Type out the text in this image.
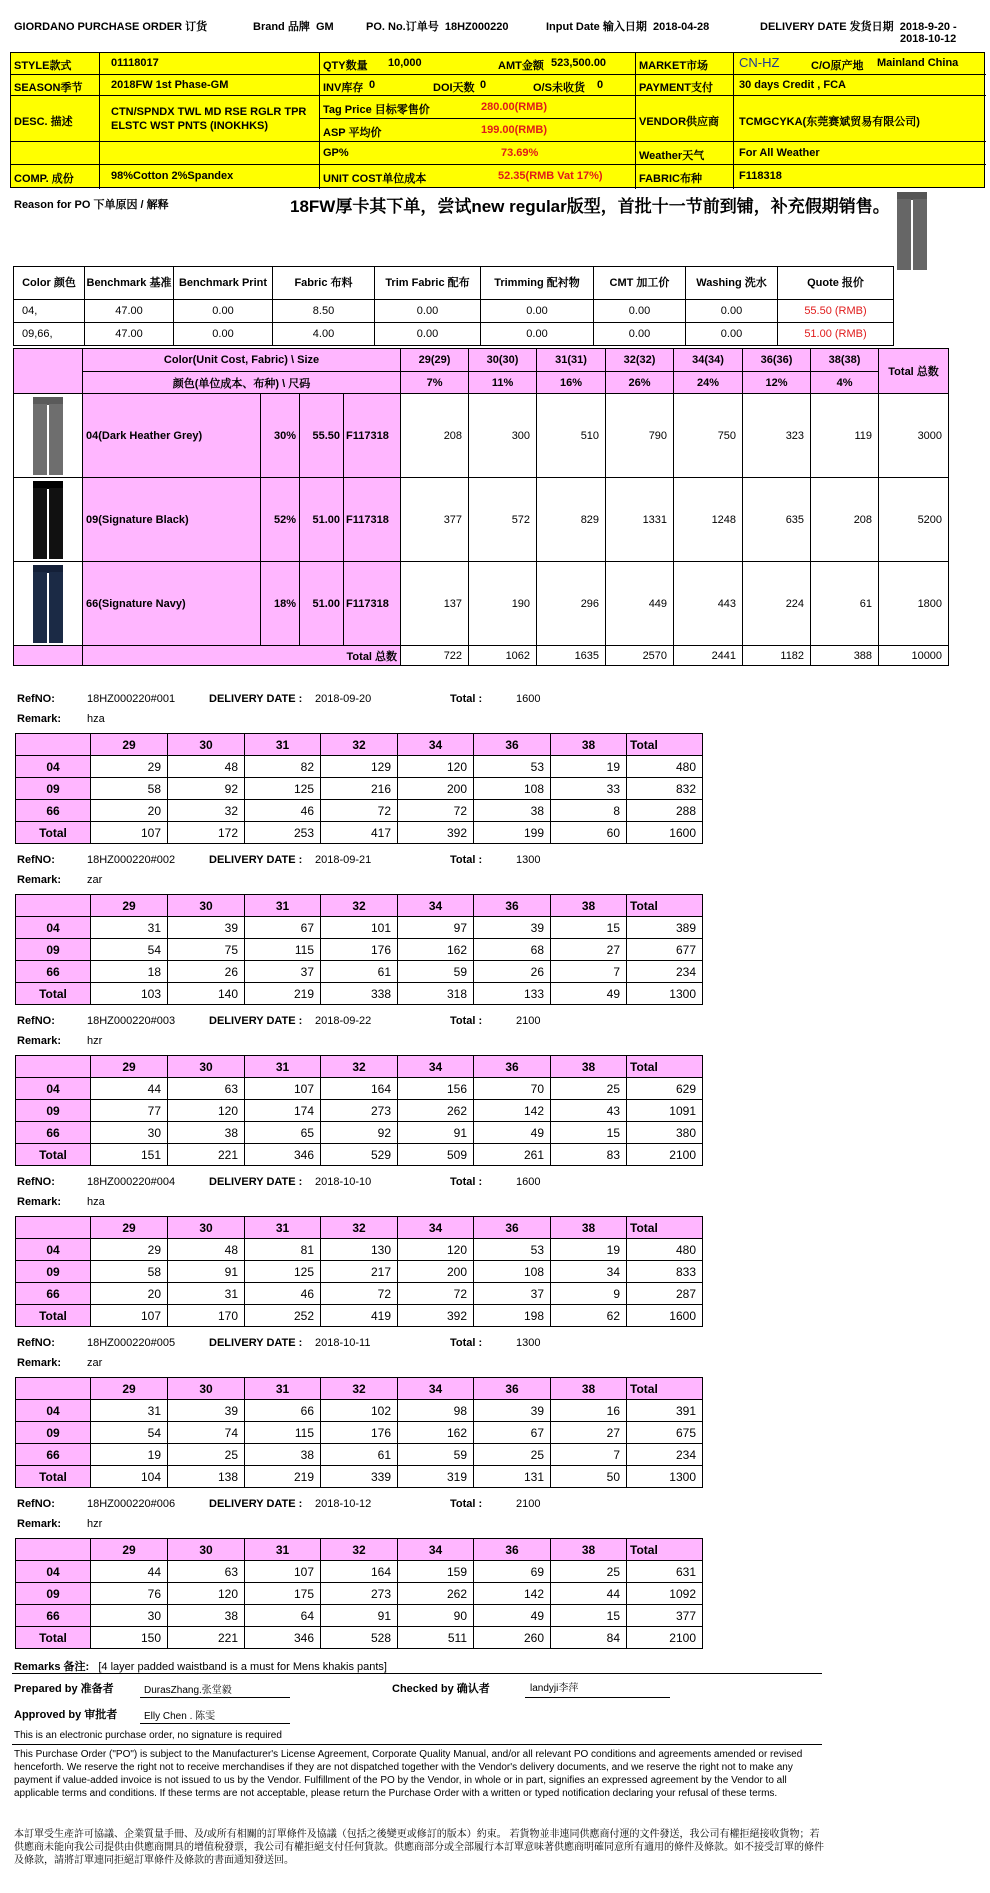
GIORDANO PURCHASE ORDER 订货	Brand 品牌 GM	PO. No.订单号 18HZ000220	Input Date 输入日期 2018-04-28	DELIVERY DATE 发货日期 2018-9-20 -
2018-10-12
STYLE款式	01118017
SEASON季节	2018FW 1st Phase-GM
DESC. 描述
CTN/SPNDX TWL MD RSE RGLR TPR
ELSTC WST PNTS (INOKHKS)
COMP. 成份	98%Cotton 2%Spandex
QTY数量 10,000	AMT金额 523,500.00
INV库存 0	DOI天数 0	O/S未收货 0
Tag Price 目标零售价	280.00(RMB)
ASP 平均价	199.00(RMB)
GP%	73.69%
UNIT COST单位成本	52.35(RMB Vat 17%)
MARKET市场 CN-HZ	C/O原产地 Mainland China
PAYMENT支付 30 days Credit , FCA
VENDOR供应商 TCMGCYKA(东莞赛斌贸易有限公司)
Weather天气	For All Weather
FABRIC布种	F118318
Reason for PO 下单原因 / 解释	18FW厚卡其下单，尝试new regular版型，首批十一节前到铺，补充假期销售。
Color 颜色	Benchmark 基准	Benchmark Print	Fabric 布料	Trim Fabric 配布	Trimming 配衬物	CMT 加工价	Washing 洗水	Quote 报价
04,	47.00	0.00	8.50	0.00	0.00	0.00	0.00	55.50 (RMB)
09,66,	47.00	0.00	4.00	0.00	0.00	0.00	0.00	51.00 (RMB)
	Color(Unit Cost, Fabric) \ Size				29(29)	30(30)	31(31)	32(32)	34(34)	36(36)	38(38)	Total 总数
	颜色(单位成本、布种) \ 尺码				7%	11%	16%	26%	24%	12%	4%	

	04(Dark Heather Grey)	30%	55.50	F117318	208	300	510	790	750	323	119	3000

	09(Signature Black)	52%	51.00	F117318	377	572	829	1331	1248	635	208	5200

	66(Signature Navy)	18%	51.00	F117318	137	190	296	449	443	224	61	1800
	Total 总数				722	1062	1635	2570	2441	1182	388	10000
RefNO:	18HZ000220#001	DELIVERY DATE : 2018-09-20	Total :	1600
Remark: hza
	29	30	31	32	34	36	38	Total
04	29	48	82	129	120	53	19	480
09	58	92	125	216	200	108	33	832
66	20	32	46	72	72	38	8	288
Total	107	172	253	417	392	199	60	1600
RefNO:	18HZ000220#002	DELIVERY DATE : 2018-09-21	Total :	1300
Remark: zar
	29	30	31	32	34	36	38	Total
04	31	39	67	101	97	39	15	389
09	54	75	115	176	162	68	27	677
66	18	26	37	61	59	26	7	234
Total	103	140	219	338	318	133	49	1300
RefNO:	18HZ000220#003	DELIVERY DATE : 2018-09-22	Total :	2100
Remark: hzr
	29	30	31	32	34	36	38	Total
04	44	63	107	164	156	70	25	629
09	77	120	174	273	262	142	43	1091
66	30	38	65	92	91	49	15	380
Total	151	221	346	529	509	261	83	2100
RefNO:	18HZ000220#004	DELIVERY DATE : 2018-10-10	Total :	1600
Remark: hza
	29	30	31	32	34	36	38	Total
04	29	48	81	130	120	53	19	480
09	58	91	125	217	200	108	34	833
66	20	31	46	72	72	37	9	287
Total	107	170	252	419	392	198	62	1600
RefNO:	18HZ000220#005	DELIVERY DATE : 2018-10-11	Total :	1300
Remark: zar
	29	30	31	32	34	36	38	Total
04	31	39	66	102	98	39	16	391
09	54	74	115	176	162	67	27	675
66	19	25	38	61	59	25	7	234
Total	104	138	219	339	319	131	50	1300
RefNO:	18HZ000220#006	DELIVERY DATE : 2018-10-12	Total :	2100
Remark: hzr
	29	30	31	32	34	36	38	Total
04	44	63	107	164	159	69	25	631
09	76	120	175	273	262	142	44	1092
66	30	38	64	91	90	49	15	377
Total	150	221	346	528	511	260	84	2100
Remarks 备注: [4 layer padded waistband is a must for Mens khakis pants]
Prepared by 准备者	DurasZhang.张堂毅	Checked by 确认者	landyji李萍
Approved by 审批者	Elly Chen . 陈雯
This is an electronic purchase order, no signature is required
This Purchase Order ("PO") is subject to the Manufacturer's License Agreement, Corporate Quality Manual, and/or all relevant PO conditions and agreements amended or revised henceforth. We reserve the right not to receive merchandises if they are not dispatched together with the Vendor's delivery documents, and we reserve the right not to make any payment if value-added invoice is not issued to us by the Vendor. Fulfillment of the PO by the Vendor, in whole or in part, signifies an expressed agreement by the Vendor to all applicable terms and conditions. If these terms are not acceptable, please return the Purchase Order with a written or typed notification declaring your refusal of these terms.
本訂單受生產許可協議、企業質量手冊、及/或所有相關的訂單條件及協議（包括之後變更或修訂的版本）約束。 若貨物並非連同供應商付運的文件發送，我公司有權拒絕接收貨物；若供應商未能向我公司提供由供應商開具的增值稅發票，我公司有權拒絕支付任何貨款。供應商部分或全部履行本訂單意味著供應商明確同意所有適用的條件及條款。如不接受訂單的條件及條款，請將訂單連同拒絕訂單條件及條款的書面通知發送回。
